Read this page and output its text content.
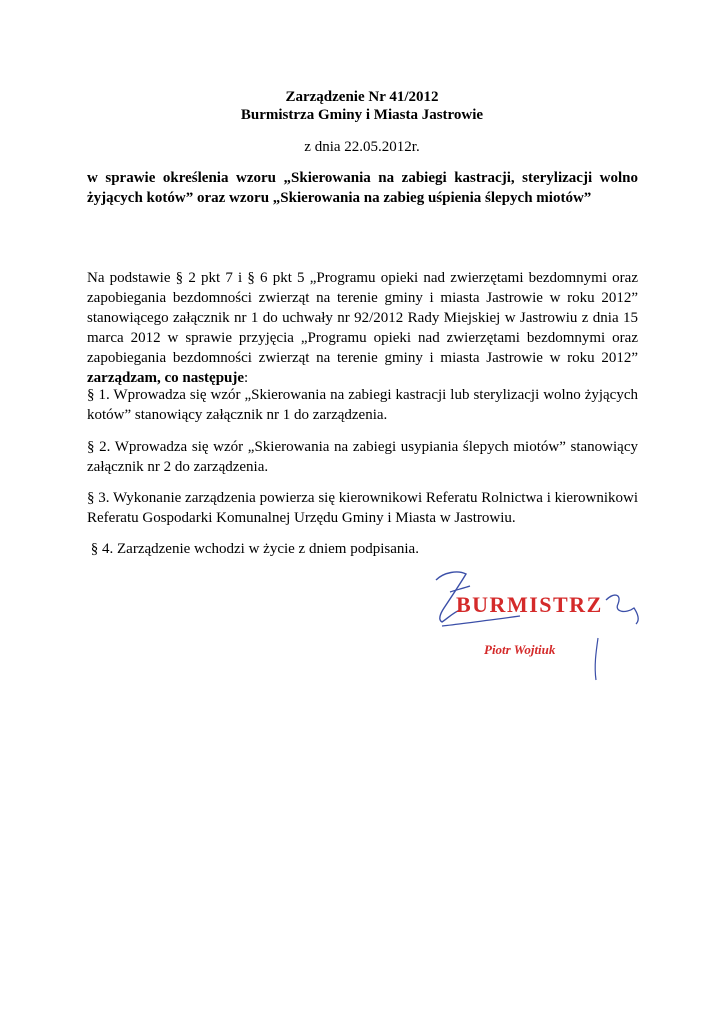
Zarządzenie Nr 41/2012
Burmistrza Gminy i Miasta Jastrowie
z dnia 22.05.2012r.
w sprawie określenia wzoru „Skierowania na zabiegi kastracji, sterylizacji wolno
żyjących kotów” oraz wzoru „Skierowania na zabieg uśpienia ślepych miotów”
Na podstawie § 2 pkt 7 i § 6 pkt 5 „Programu opieki nad zwierzętami bezdomnymi oraz zapobiegania bezdomności zwierząt na terenie gminy i miasta Jastrowie w roku 2012” stanowiącego załącznik nr 1 do uchwały nr 92/2012 Rady Miejskiej w Jastrowiu z dnia 15 marca 2012 w sprawie przyjęcia „Programu opieki nad zwierzętami bezdomnymi oraz zapobiegania bezdomności zwierząt na terenie gminy i miasta Jastrowie w roku 2012” zarządzam, co następuje:
§ 1. Wprowadza się wzór „Skierowania na zabiegi kastracji lub sterylizacji wolno żyjących kotów” stanowiący załącznik nr 1 do zarządzenia.
§ 2. Wprowadza się wzór „Skierowania na zabiegi usypiania ślepych miotów” stanowiący załącznik nr 2 do zarządzenia.
§ 3. Wykonanie zarządzenia powierza się kierownikowi Referatu Rolnictwa i kierownikowi Referatu Gospodarki Komunalnej Urzędu Gminy i Miasta w Jastrowiu.
§ 4. Zarządzenie wchodzi w życie z dniem podpisania.
BURMISTRZ
Piotr Wojtiuk
